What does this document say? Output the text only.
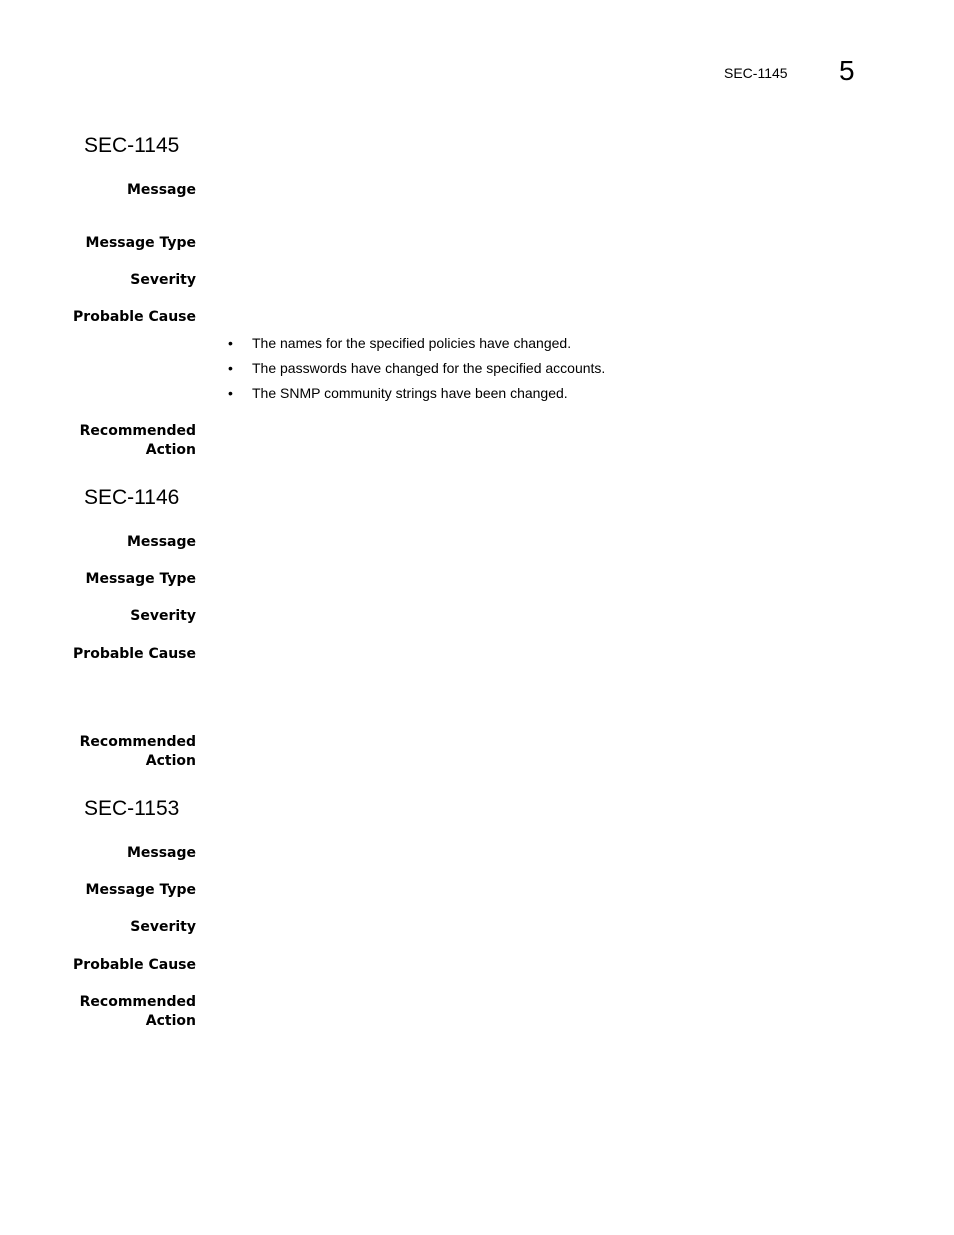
SEC-1145 5
SEC-1145
Message
Message Type
Severity
Probable Cause
• The names for the specified policies have changed.
• The passwords have changed for the specified accounts.
• The SNMP community strings have been changed.
Recommended
Action
SEC-1146
Message
Message Type
Severity
Probable Cause
Recommended
Action
SEC-1153
Message
Message Type
Severity
Probable Cause
Recommended
Action
